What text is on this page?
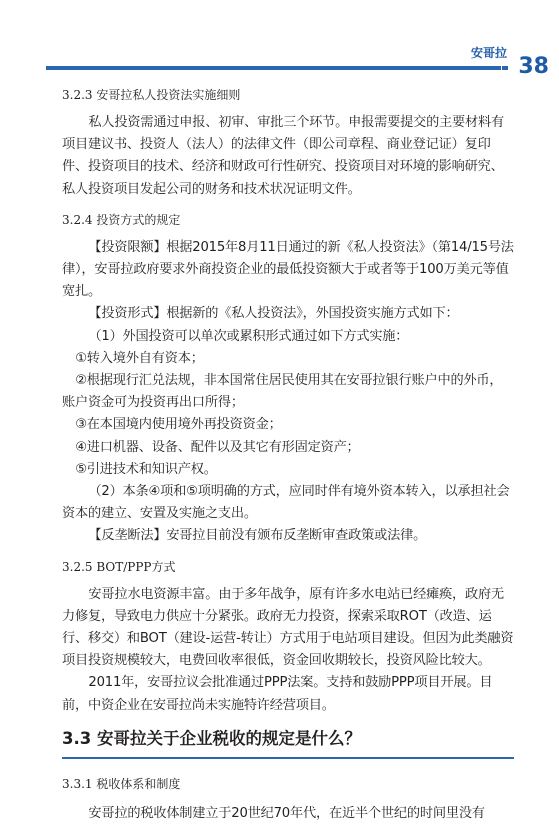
安哥拉
38

3.2.3 安哥拉私人投资法实施细则

私人投资需通过申报、初审、审批三个环节。申报需要提交的主要材料有项目建议书、投资人（法人）的法律文件（即公司章程、商业登记证）复印件、投资项目的技术、经济和财政可行性研究、投资项目对环境的影响研究、私人投资项目发起公司的财务和技术状况证明文件。

3.2.4 投资方式的规定

【投资限额】根据2015年8月11日通过的新《私人投资法》（第14/15号法律），安哥拉政府要求外商投资企业的最低投资额大于或者等于100万美元等值宽扎。

【投资形式】根据新的《私人投资法》，外国投资实施方式如下：

（1）外国投资可以单次或累积形式通过如下方式实施：

①转入境外自有资本；

②根据现行汇兑法规，非本国常住居民使用其在安哥拉银行账户中的外币，账户资金可为投资再出口所得；

③在本国境内使用境外再投资资金；

④进口机器、设备、配件以及其它有形固定资产；

⑤引进技术和知识产权。

（2）本条④项和⑤项明确的方式，应同时伴有境外资本转入，以承担社会资本的建立、安置及实施之支出。

【反垄断法】安哥拉目前没有颁布反垄断审查政策或法律。

3.2.5 BOT/PPP方式

安哥拉水电资源丰富。由于多年战争，原有许多水电站已经瘫痪，政府无力修复，导致电力供应十分紧张。政府无力投资，探索采取ROT（改造、运行、移交）和BOT（建设-运营-转让）方式用于电站项目建设。但因为此类融资项目投资规模较大，电费回收率很低，资金回收期较长，投资风险比较大。

2011年，安哥拉议会批准通过PPP法案。支持和鼓励PPP项目开展。目前，中资企业在安哥拉尚未实施特许经营项目。

3.3 安哥拉关于企业税收的规定是什么？

3.3.1 税收体系和制度

安哥拉的税收体制建立于20世纪70年代，在近半个世纪的时间里没有
